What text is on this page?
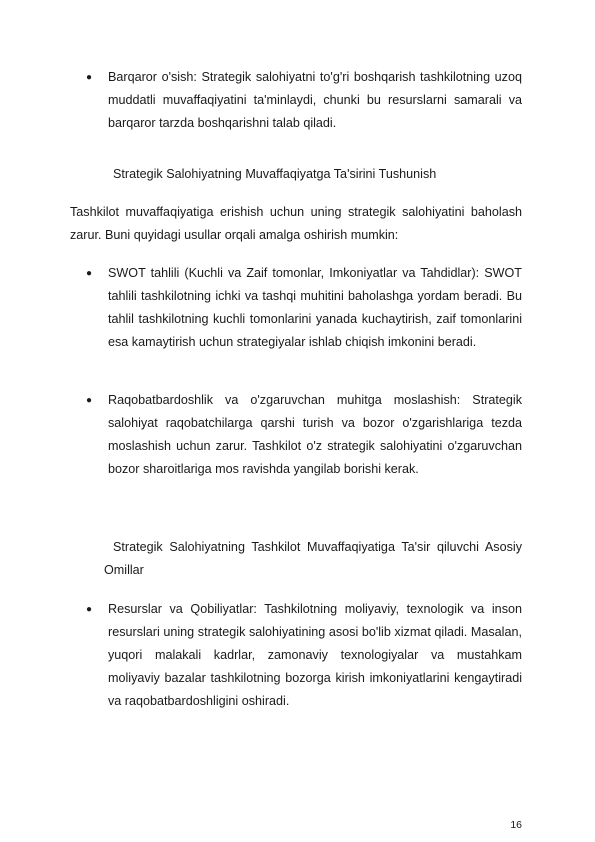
● Barqaror o'sish: Strategik salohiyatni to'g'ri boshqarish tashkilotning uzoq muddatli muvaffaqiyatini ta'minlaydi, chunki bu resurslarni samarali va barqaror tarzda boshqarishni talab qiladi.
Strategik Salohiyatning Muvaffaqiyatga Ta'sirini Tushunish
Tashkilot muvaffaqiyatiga erishish uchun uning strategik salohiyatini baholash zarur. Buni quyidagi usullar orqali amalga oshirish mumkin:
● SWOT tahlili (Kuchli va Zaif tomonlar, Imkoniyatlar va Tahdidlar): SWOT tahlili tashkilotning ichki va tashqi muhitini baholashga yordam beradi. Bu tahlil tashkilotning kuchli tomonlarini yanada kuchaytirish, zaif tomonlarini esa kamaytirish uchun strategiyalar ishlab chiqish imkonini beradi.
● Raqobatbardoshlik va o'zgaruvchan muhitga moslashish: Strategik salohiyat raqobatchilarga qarshi turish va bozor o'zgarishlariga tezda moslashish uchun zarur. Tashkilot o'z strategik salohiyatini o'zgaruvchan bozor sharoitlariga mos ravishda yangilab borishi kerak.
Strategik Salohiyatning Tashkilot Muvaffaqiyatiga Ta'sir qiluvchi Asosiy Omillar
● Resurslar va Qobiliyatlar: Tashkilotning moliyaviy, texnologik va inson resurslari uning strategik salohiyatining asosi bo'lib xizmat qiladi. Masalan, yuqori malakali kadrlar, zamonaviy texnologiyalar va mustahkam moliyaviy bazalar tashkilotning bozorga kirish imkoniyatlarini kengaytiradi va raqobatbardoshligini oshiradi.
16
